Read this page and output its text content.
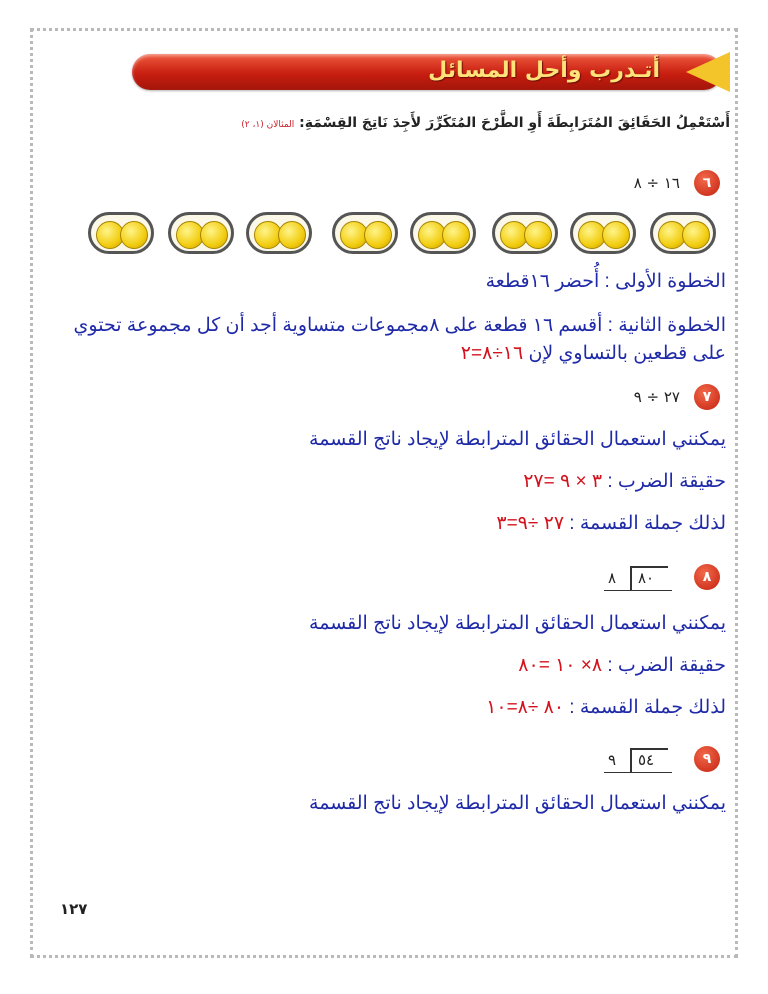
أتـدرب وأحل المسائل
أَسْتَعْمِلُ الحَقَائِقَ المُتَرَابِطَةَ أَوِ الطَّرْحَ المُتَكَرِّرَ لأَجِدَ نَاتِجَ القِسْمَةِ: المثالان (١، ٢)
٦
١٦ ÷ ٨
الخطوة الأولى : أُحضر ١٦قطعة
الخطوة الثانية : أقسم ١٦ قطعة على ٨مجموعات متساوية أجد أن كل مجموعة تحتوي
على قطعين بالتساوي لإن ١٦÷٨=٢
٧
٢٧ ÷ ٩
يمكنني استعمال الحقائق المترابطة لإيجاد ناتج القسمة
حقيقة الضرب : ٣ × ٩ =٢٧
لذلك جملة القسمة : ٢٧ ÷٩=٣
٨
٨ ٨٠
يمكنني استعمال الحقائق المترابطة لإيجاد ناتج القسمة
حقيقة الضرب : ٨× ١٠ =٨٠
لذلك جملة القسمة : ٨٠ ÷٨=١٠
٩
٩ ٥٤
يمكنني استعمال الحقائق المترابطة لإيجاد ناتج القسمة
١٢٧
